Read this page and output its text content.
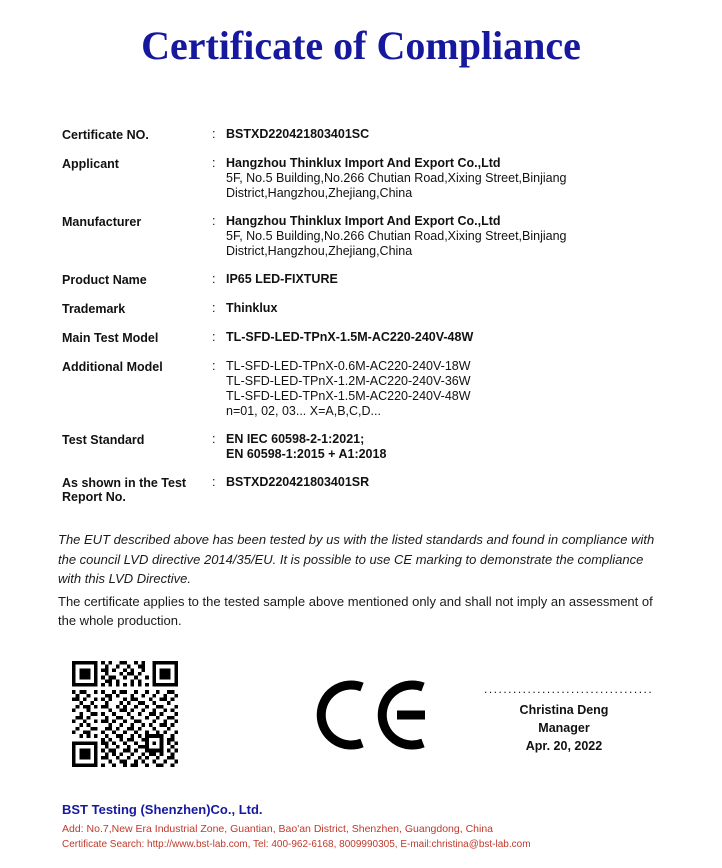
Certificate of Compliance
Certificate NO.	: BSTXD220421803401SC
Applicant	: Hangzhou Thinklux Import And Export Co.,Ltd
5F, No.5 Building,No.266 Chutian Road,Xixing Street,Binjiang District,Hangzhou,Zhejiang,China
Manufacturer	: Hangzhou Thinklux Import And Export Co.,Ltd
5F, No.5 Building,No.266 Chutian Road,Xixing Street,Binjiang District,Hangzhou,Zhejiang,China
Product Name	: IP65 LED-FIXTURE
Trademark	: Thinklux
Main Test Model	: TL-SFD-LED-TPnX-1.5M-AC220-240V-48W
Additional Model	: TL-SFD-LED-TPnX-0.6M-AC220-240V-18W
TL-SFD-LED-TPnX-1.2M-AC220-240V-36W
TL-SFD-LED-TPnX-1.5M-AC220-240V-48W
n=01, 02, 03... X=A,B,C,D...
Test Standard	: EN IEC 60598-2-1:2021;
EN 60598-1:2015 + A1:2018
As shown in the Test Report No.
: BSTXD220421803401SR

The EUT described above has been tested by us with the listed standards and found in compliance with the council LVD directive 2014/35/EU. It is possible to use CE marking to demonstrate the compliance with this LVD Directive.

The certificate applies to the tested sample above mentioned only and shall not imply an assessment of the whole production.

...................................
Christina Deng
Manager
Apr. 20, 2022
BST Testing (Shenzhen)Co., Ltd.
Add: No.7,New Era Industrial Zone, Guantian, Bao'an District, Shenzhen, Guangdong, China
Certificate Search: http://www.bst-lab.com, Tel: 400-962-6168, 8009990305, E-mail:christina@bst-lab.com
